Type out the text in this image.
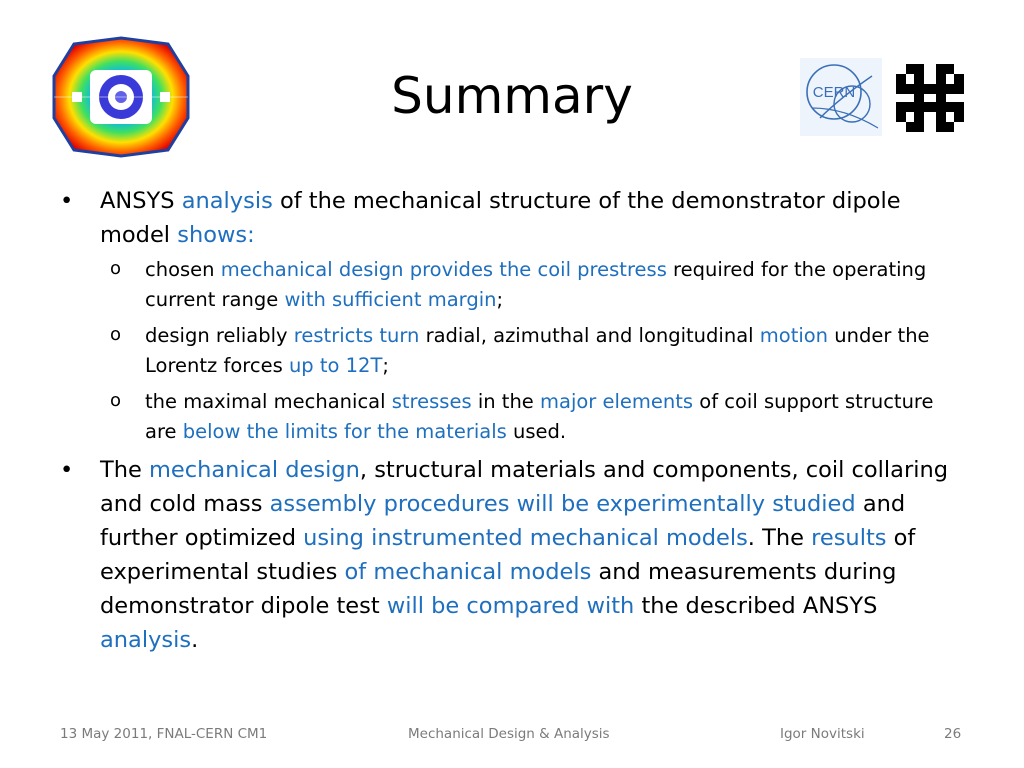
Summary	CERN
•	ANSYS analysis of the mechanical structure of the demonstrator dipole model shows:
o chosen mechanical design provides the coil prestress required for the operating current range with sufficient margin;
o design reliably restricts turn radial, azimuthal and longitudinal motion under the Lorentz forces up to 12T;
o the maximal mechanical stresses in the major elements of coil support structure are below the limits for the materials used.
•	The mechanical design, structural materials and components, coil collaring and cold mass assembly procedures will be experimentally studied and further optimized using instrumented mechanical models. The results of experimental studies of mechanical models and measurements during demonstrator dipole test will be compared with the described ANSYS analysis.
13 May 2011, FNAL-CERN CM1	Mechanical Design & Analysis	Igor Novitski	26
